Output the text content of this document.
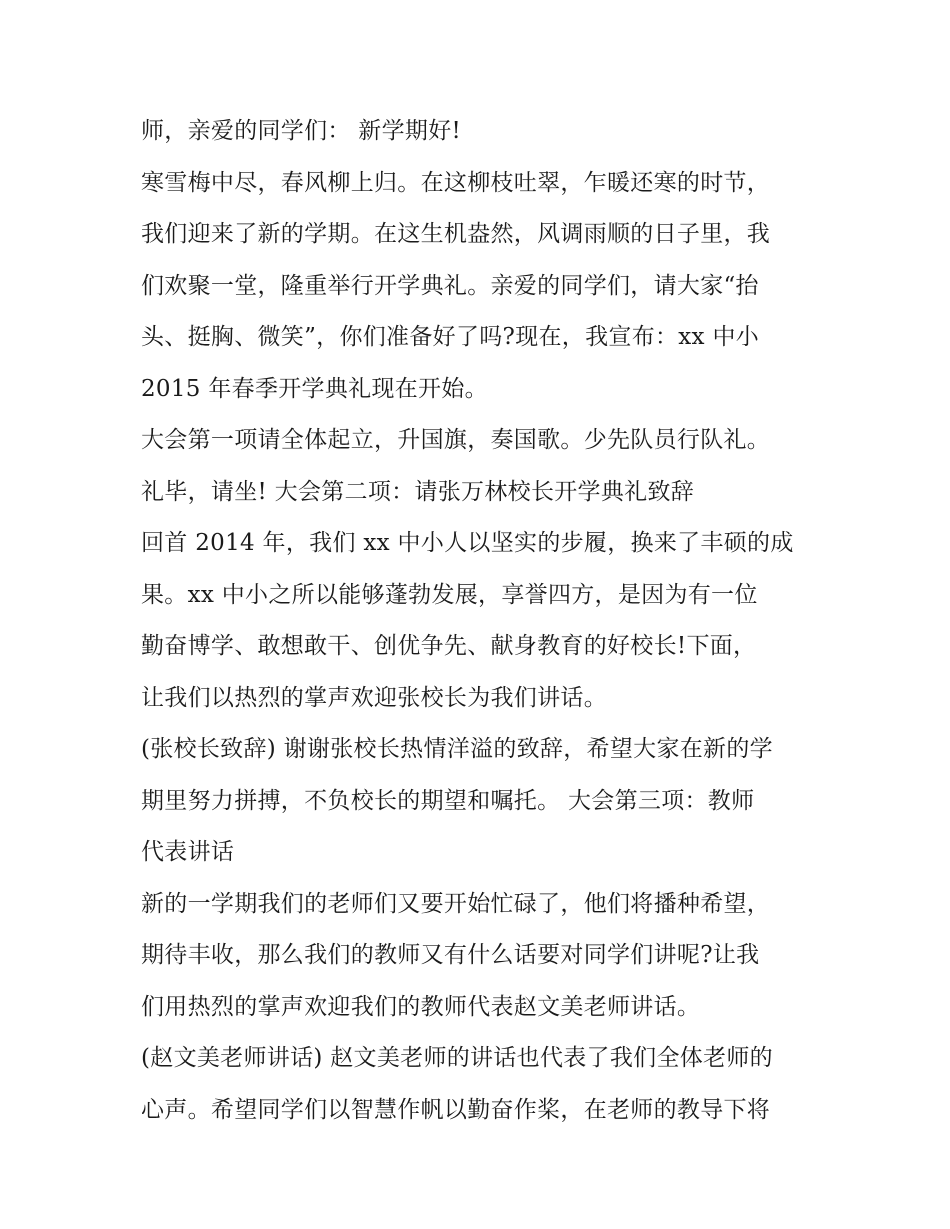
师，亲爱的同学们： 新学期好!
寒雪梅中尽，春风柳上归。在这柳枝吐翠，乍暖还寒的时节，
我们迎来了新的学期。在这生机盎然，风调雨顺的日子里，我
们欢聚一堂，隆重举行开学典礼。亲爱的同学们，请大家“抬
头、挺胸、微笑”，你们准备好了吗?现在，我宣布：xx 中小
2015 年春季开学典礼现在开始。
大会第一项请全体起立，升国旗，奏国歌。少先队员行队礼。
礼毕，请坐! 大会第二项：请张万林校长开学典礼致辞
回首 2014 年，我们 xx 中小人以坚实的步履，换来了丰硕的成
果。xx 中小之所以能够蓬勃发展，享誉四方，是因为有一位
勤奋博学、敢想敢干、创优争先、献身教育的好校长!下面，
让我们以热烈的掌声欢迎张校长为我们讲话。
(张校长致辞) 谢谢张校长热情洋溢的致辞，希望大家在新的学
期里努力拼搏，不负校长的期望和嘱托。 大会第三项：教师
代表讲话
新的一学期我们的老师们又要开始忙碌了，他们将播种希望，
期待丰收，那么我们的教师又有什么话要对同学们讲呢?让我
们用热烈的掌声欢迎我们的教师代表赵文美老师讲话。
(赵文美老师讲话) 赵文美老师的讲话也代表了我们全体老师的
心声。希望同学们以智慧作帆以勤奋作桨，在老师的教导下将
